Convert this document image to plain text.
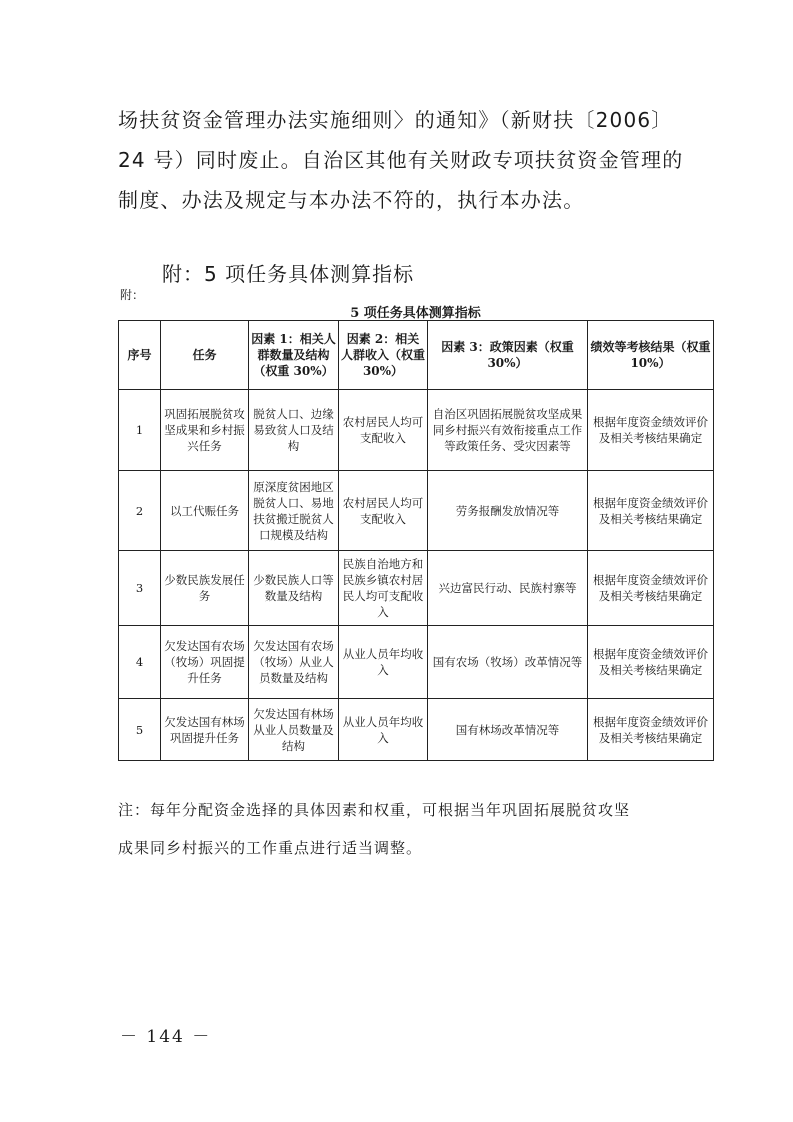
场扶贫资金管理办法实施细则〉的通知》（新财扶〔2006〕
24 号）同时废止。自治区其他有关财政专项扶贫资金管理的
制度、办法及规定与本办法不符的，执行本办法。
附：5 项任务具体测算指标
附：
5 项任务具体测算指标
序号	任务	因素 1：相关人群数量及结构（权重 30%）	因素 2：相关人群收入（权重 30%）	因素 3：政策因素（权重 30%）	绩效等考核结果（权重 10%）
1	巩固拓展脱贫攻坚成果和乡村振兴任务	脱贫人口、边缘易致贫人口及结构	农村居民人均可支配收入	自治区巩固拓展脱贫攻坚成果同乡村振兴有效衔接重点工作等政策任务、受灾因素等	根据年度资金绩效评价及相关考核结果确定
2	以工代赈任务	原深度贫困地区脱贫人口、易地扶贫搬迁脱贫人口规模及结构	农村居民人均可支配收入	劳务报酬发放情况等	根据年度资金绩效评价及相关考核结果确定
3	少数民族发展任务	少数民族人口等数量及结构	民族自治地方和民族乡镇农村居民人均可支配收入	兴边富民行动、民族村寨等	根据年度资金绩效评价及相关考核结果确定
4	欠发达国有农场（牧场）巩固提升任务	欠发达国有农场（牧场）从业人员数量及结构	从业人员年均收入	国有农场（牧场）改革情况等	根据年度资金绩效评价及相关考核结果确定
5	欠发达国有林场巩固提升任务	欠发达国有林场从业人员数量及结构	从业人员年均收入	国有林场改革情况等	根据年度资金绩效评价及相关考核结果确定
注：每年分配资金选择的具体因素和权重，可根据当年巩固拓展脱贫攻坚
成果同乡村振兴的工作重点进行适当调整。
－ 144 －
